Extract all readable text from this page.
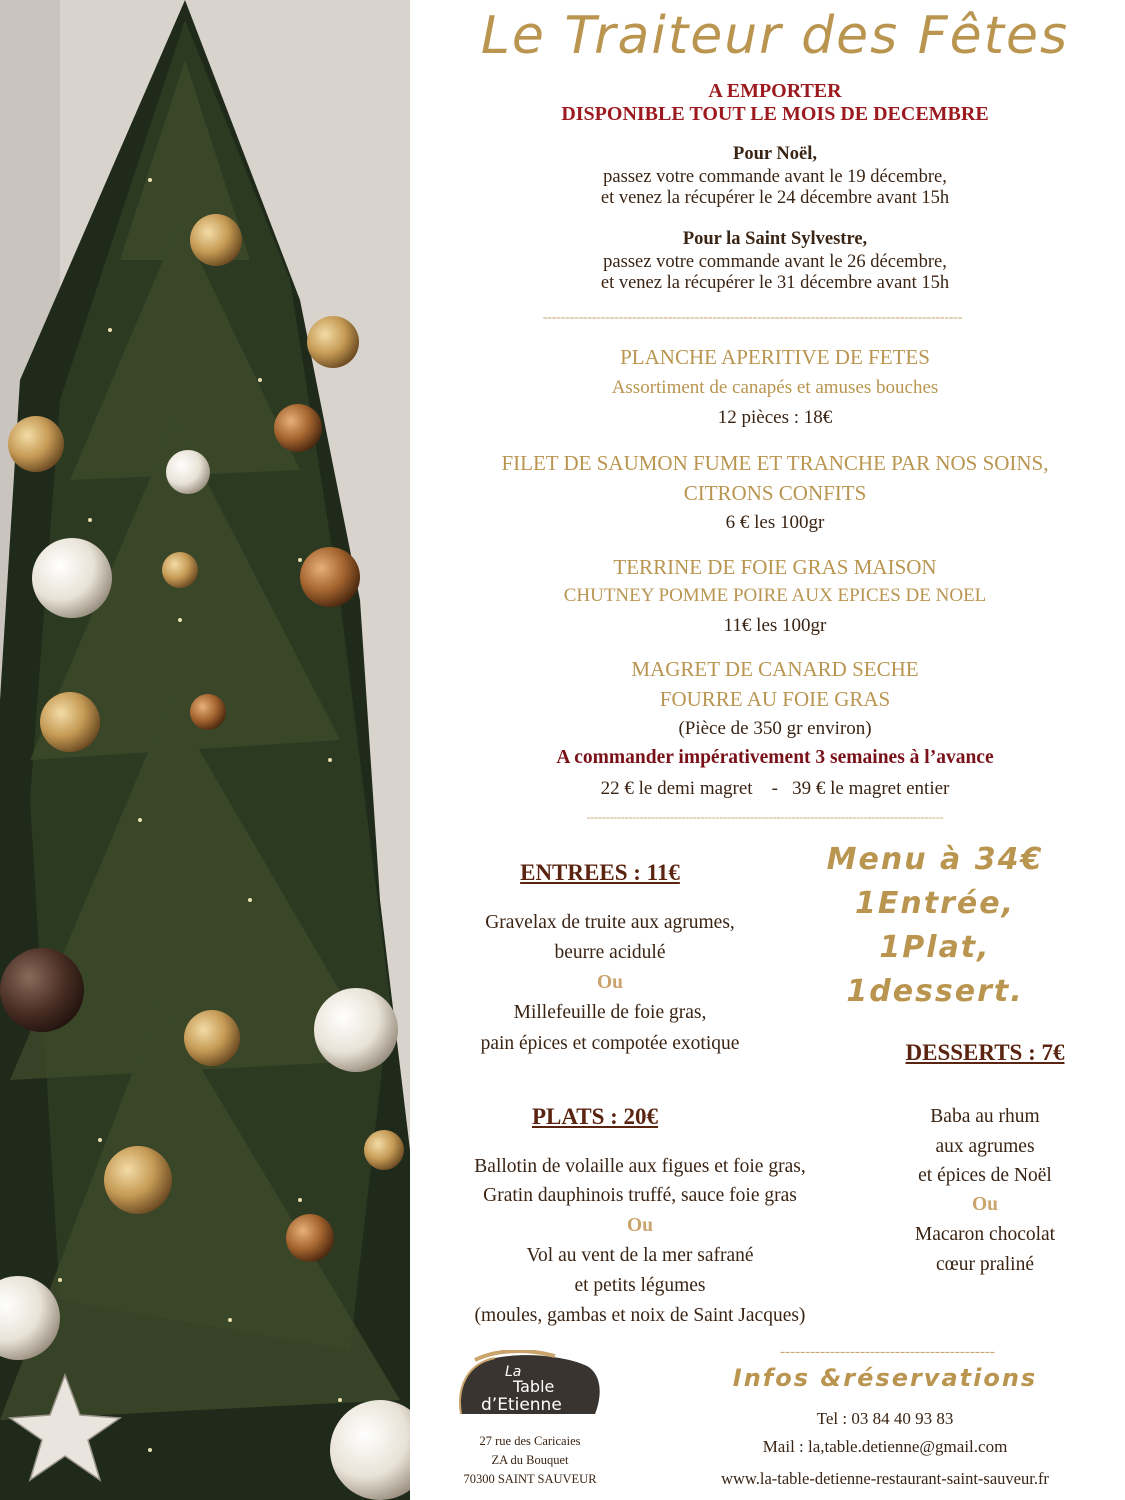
Le Traiteur des Fêtes
A EMPORTER
DISPONIBLE TOUT LE MOIS DE DECEMBRE
Pour Noël,
passez votre commande avant le 19 décembre,
et venez la récupérer le 24 décembre avant 15h
Pour la Saint Sylvestre,
passez votre commande avant le 26 décembre,
et venez la récupérer le 31 décembre avant 15h
----------------------------------------------------------------------------------------------
PLANCHE APERITIVE DE FETES
Assortiment de canapés et amuses bouches
12 pièces : 18€
FILET DE SAUMON FUME ET TRANCHE PAR NOS SOINS,
CITRONS CONFITS
6 € les 100gr
TERRINE DE FOIE GRAS MAISON
CHUTNEY POMME POIRE AUX EPICES DE NOEL
11€ les 100gr
MAGRET DE CANARD SECHE
FOURRE AU FOIE GRAS
(Pièce de 350 gr environ)
A commander impérativement 3 semaines à l’avance
22 € le demi magret    -   39 € le magret entier
----------------------------------------------------------------------------------------------
Menu à 34€
1Entrée,
1Plat,
1dessert.
ENTREES : 11€
Gravelax de truite aux agrumes,
beurre acidulé
Ou
Millefeuille de foie gras,
pain épices et compotée exotique	DESSERTS : 7€
Baba au rhum
aux agrumes
et épices de Noël
Ou
Macaron chocolat
cœur praliné
PLATS : 20€
Ballotin de volaille aux figues et foie gras,
Gratin dauphinois truffé, sauce foie gras
Ou
Vol au vent de la mer safrané
et petits légumes
(moules, gambas et noix de Saint Jacques)
La
Table
d’Etienne
27 rue des Caricaies
ZA du Bouquet
70300 SAINT SAUVEUR
-------------------------------------------
Infos &réservations
Tel : 03 84 40 93 83
Mail : la,table.detienne@gmail.com
www.la-table-detienne-restaurant-saint-sauveur.fr
